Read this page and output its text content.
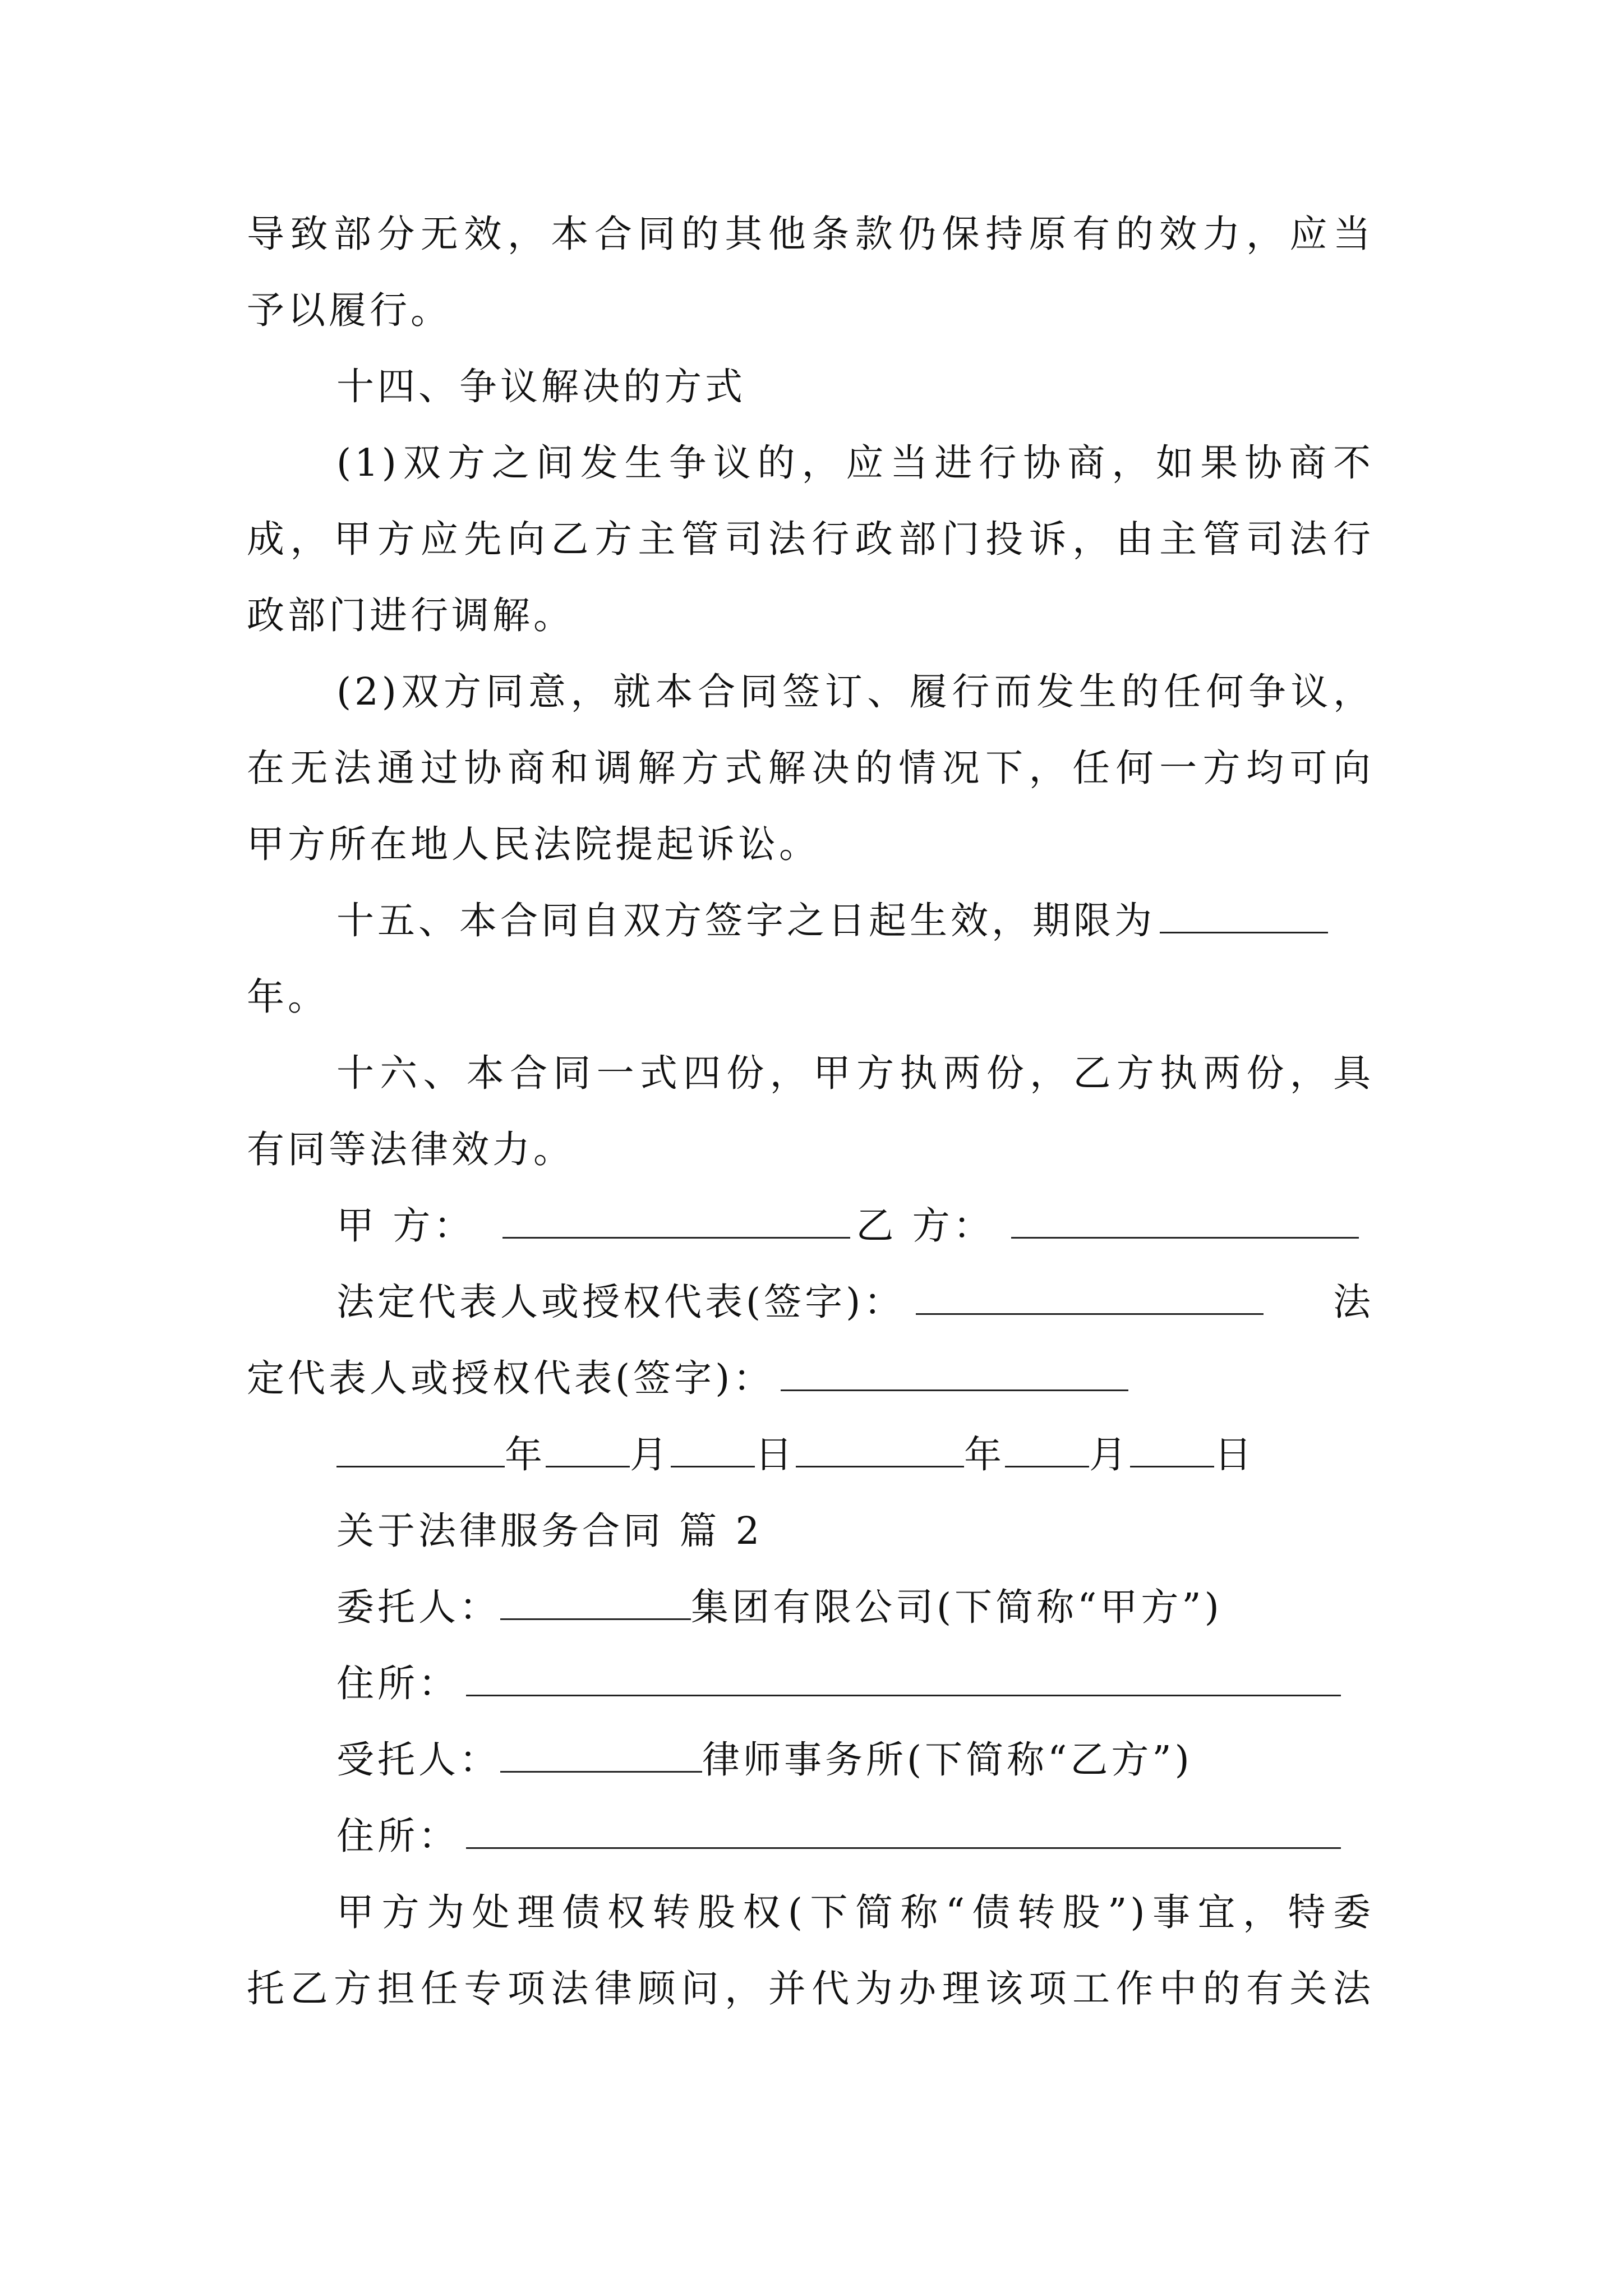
导致部分无效，本合同的其他条款仍保持原有的效力，应当
予以履行。
十四、争议解决的方式
(1)双方之间发生争议的，应当进行协商，如果协商不
成，甲方应先向乙方主管司法行政部门投诉，由主管司法行
政部门进行调解。
(2)双方同意，就本合同签订、履行而发生的任何争议，
在无法通过协商和调解方式解决的情况下，任何一方均可向
甲方所在地人民法院提起诉讼。
十五、本合同自双方签字之日起生效，期限为
年。
十六、本合同一式四份，甲方执两份，乙方执两份，具
有同等法律效力。
甲 方：	乙 方：
法定代表人或授权代表(签字)：	法
定代表人或授权代表(签字)：
年 月 日	年 月 日
关于法律服务合同 篇 2
委托人：	集团有限公司(下简称“甲方”)
住所：
受托人：	律师事务所(下简称“乙方”)
住所：
甲方为处理债权转股权(下简称“债转股”)事宜，特委
托乙方担任专项法律顾问，并代为办理该项工作中的有关法
